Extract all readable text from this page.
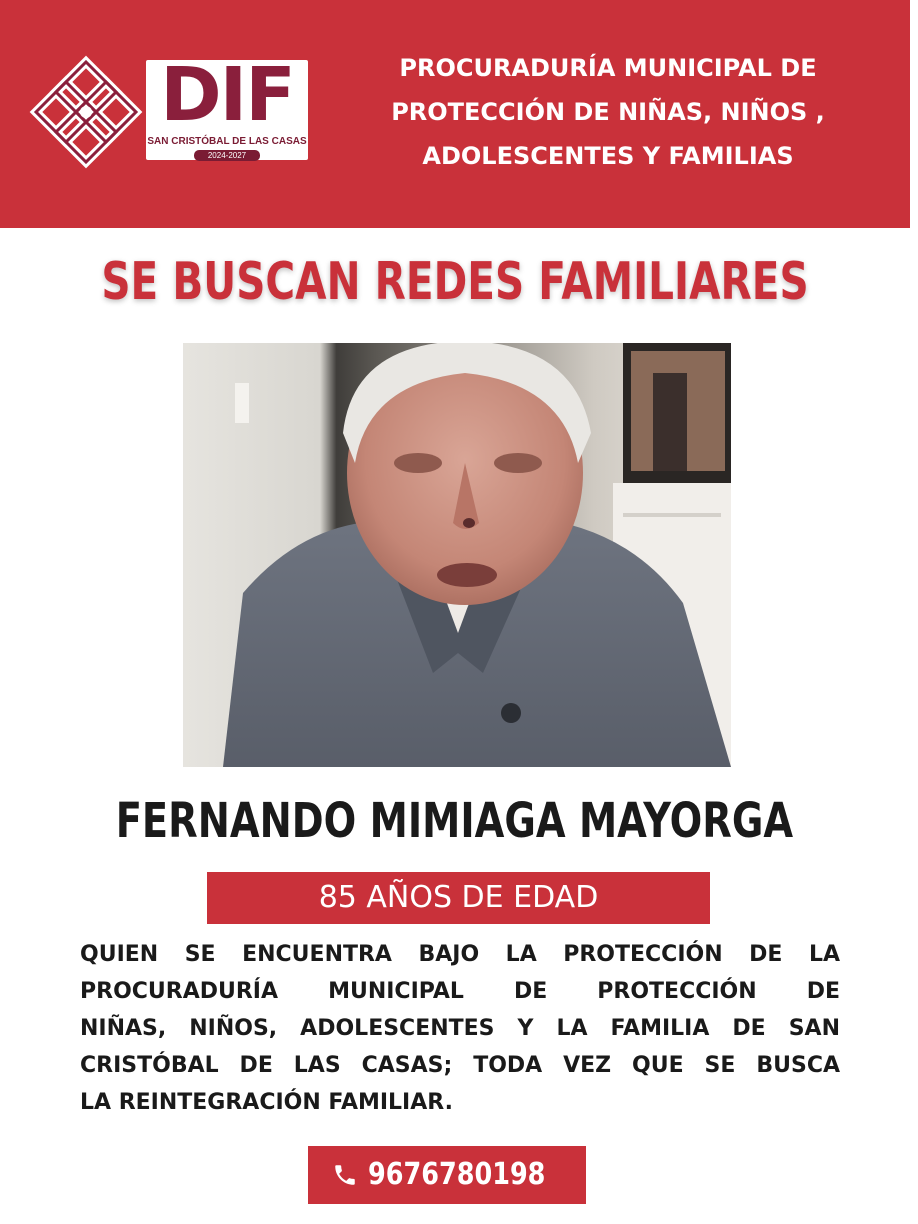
DIF
SAN CRISTÓBAL DE LAS CASAS
2024-2027
PROCURADURÍA MUNICIPAL DE
PROTECCIÓN DE NIÑAS, NIÑOS ,
ADOLESCENTES Y FAMILIAS
SE BUSCAN REDES FAMILIARES
FERNANDO MIMIAGA MAYORGA
85 AÑOS DE EDAD
QUIEN SE ENCUENTRA BAJO LA PROTECCIÓN DE LA
PROCURADURÍA MUNICIPAL DE PROTECCIÓN DE
NIÑAS, NIÑOS, ADOLESCENTES Y LA FAMILIA DE SAN
CRISTÓBAL DE LAS CASAS; TODA VEZ QUE SE BUSCA
LA REINTEGRACIÓN FAMILIAR.
9676780198
